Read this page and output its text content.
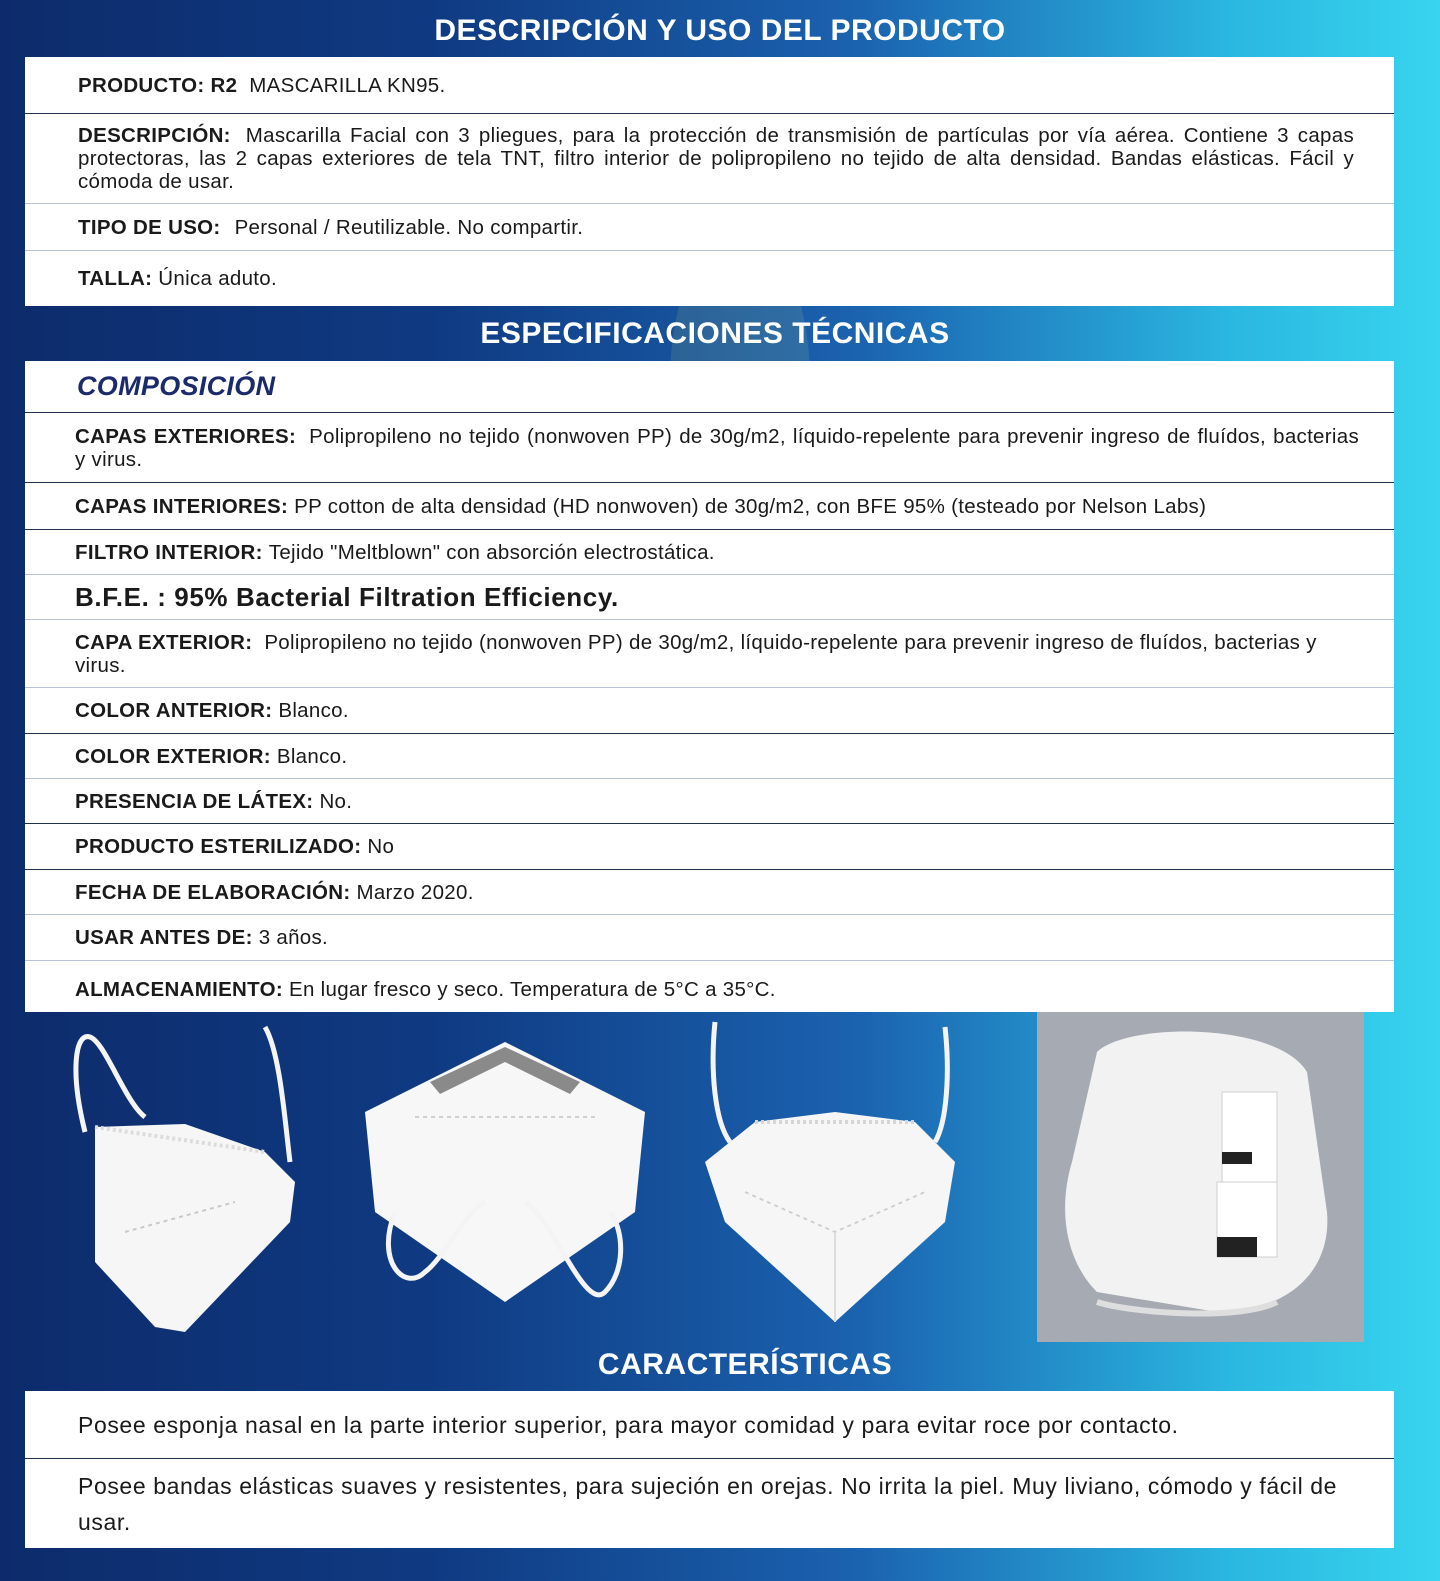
DESCRIPCIÓN Y USO DEL PRODUCTO
PRODUCTO: R2 MASCARILLA KN95.
DESCRIPCIÓN: Mascarilla Facial con 3 pliegues, para la protección de transmisión de partículas por vía aérea. Contiene 3 capas protectoras, las 2 capas exteriores de tela TNT, filtro interior de polipropileno no tejido de alta densidad. Bandas elásticas. Fácil y cómoda de usar.
TIPO DE USO: Personal / Reutilizable. No compartir.
TALLA: Única aduto.
ESPECIFICACIONES TÉCNICAS
COMPOSICIÓN
CAPAS EXTERIORES: Polipropileno no tejido (nonwoven PP) de 30g/m2, líquido-repelente para prevenir ingreso de fluídos, bacterias y virus.
CAPAS INTERIORES: PP cotton de alta densidad (HD nonwoven) de 30g/m2, con BFE 95% (testeado por Nelson Labs)
FILTRO INTERIOR: Tejido "Meltblown" con absorción electrostática.
B.F.E. : 95% Bacterial Filtration Efficiency.
CAPA EXTERIOR: Polipropileno no tejido (nonwoven PP) de 30g/m2, líquido-repelente para prevenir ingreso de fluídos, bacterias y virus.
COLOR ANTERIOR: Blanco.
COLOR EXTERIOR: Blanco.
PRESENCIA DE LÁTEX: No.
PRODUCTO ESTERILIZADO: No
FECHA DE ELABORACIÓN: Marzo 2020.
USAR ANTES DE: 3 años.
ALMACENAMIENTO: En lugar fresco y seco. Temperatura de 5°C a 35°C.
CARACTERÍSTICAS
Posee esponja nasal en la parte interior superior, para mayor comidad y para evitar roce por contacto.
Posee bandas elásticas suaves y resistentes, para sujeción en orejas. No irrita la piel. Muy liviano, cómodo y fácil de usar.
